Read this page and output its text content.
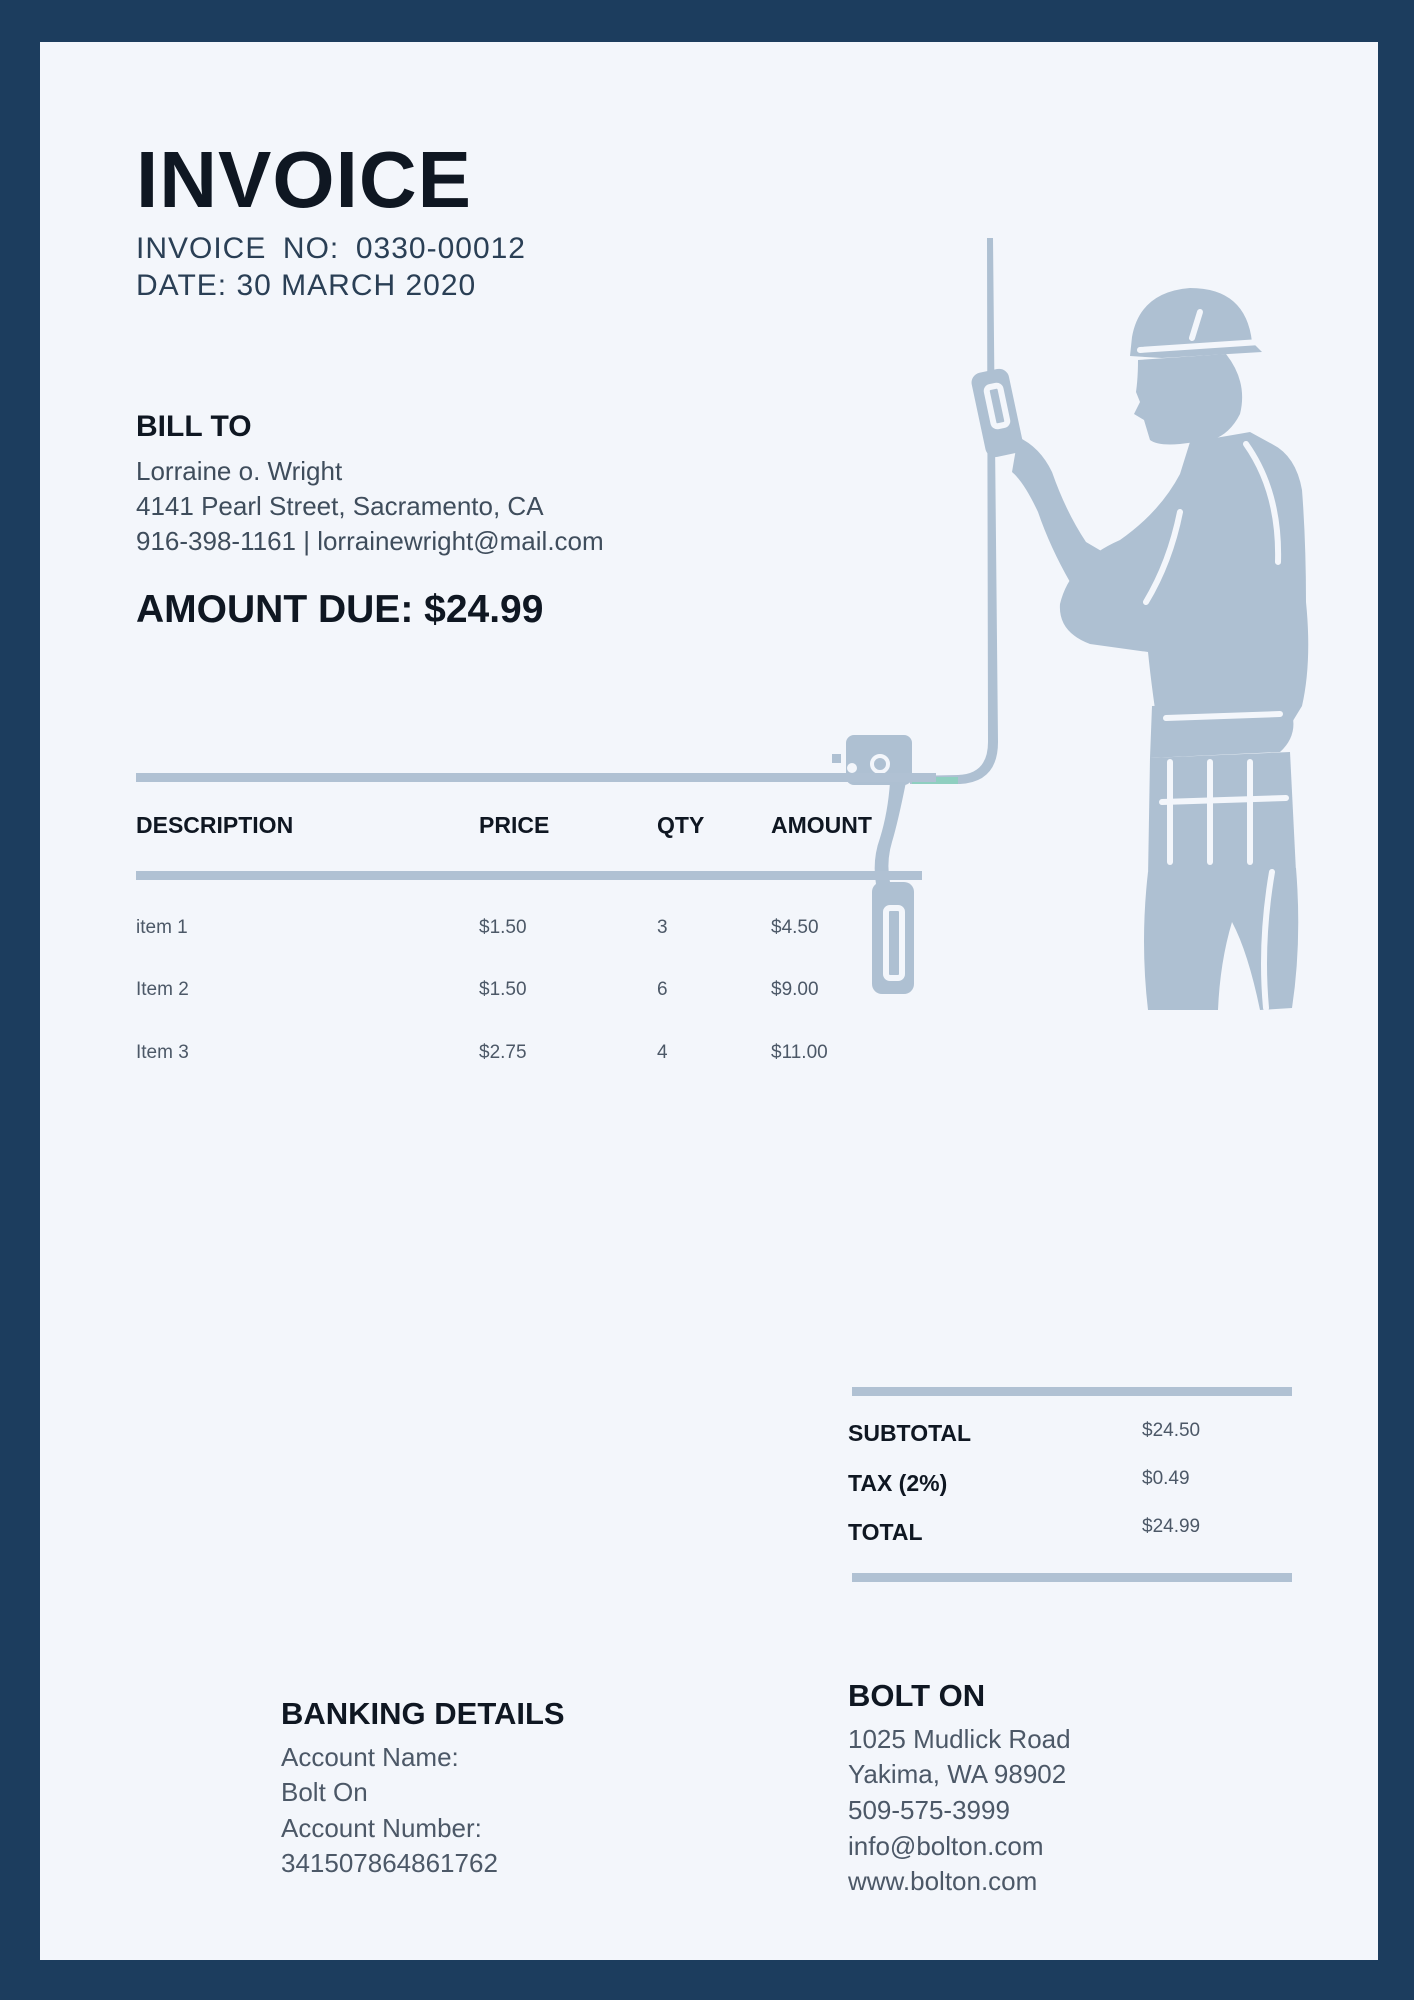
INVOICE
INVOICE NO: 0330-00012 DATE: 30 MARCH 2020
BILL TO
Lorraine o. Wright
4141 Pearl Street, Sacramento, CA
916-398-1161 | lorrainewright@mail.com
AMOUNT DUE: $24.99
DESCRIPTION	PRICE	QTY	AMOUNT
item 1	$1.50	3	$4.50
Item 2	$1.50	6	$9.00
Item 3	$2.75	4	$11.00
SUBTOTAL	$24.50
TAX (2%)	$0.49
TOTAL	$24.99
BANKING DETAILS
Account Name:
Bolt On
Account Number:
341507864861762
BOLT ON
1025 Mudlick Road
Yakima, WA 98902
509-575-3999
info@bolton.com
www.bolton.com
